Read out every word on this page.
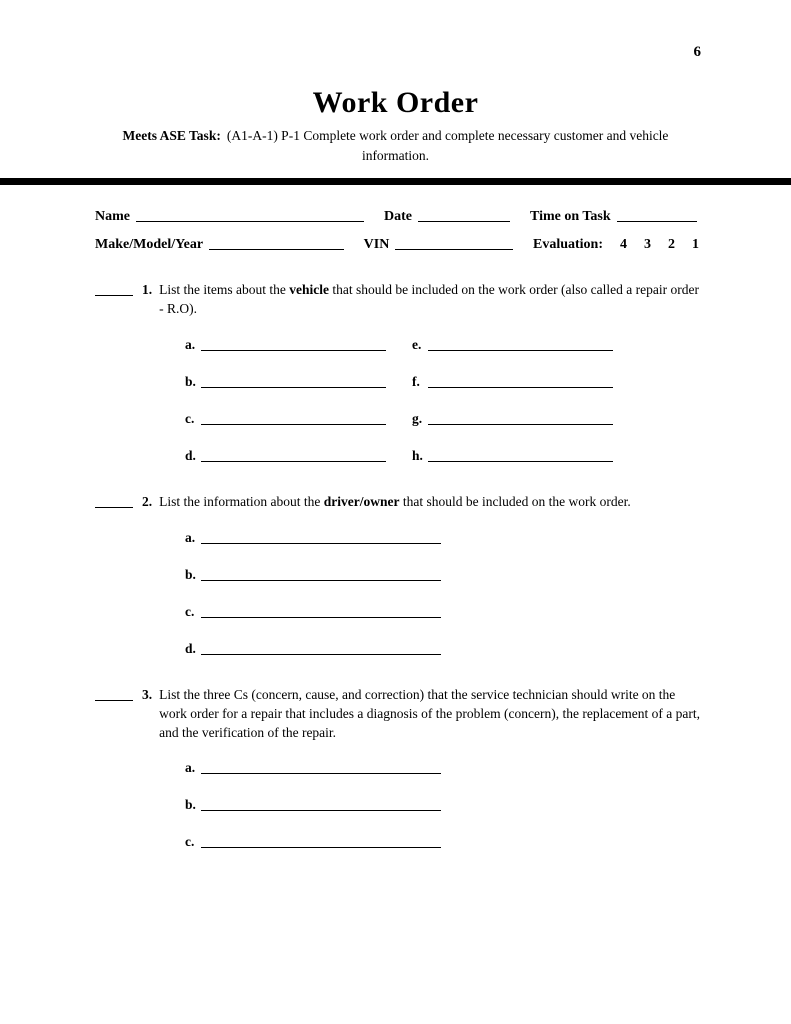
6
Work Order

Meets ASE Task: (A1-A-1) P-1 Complete work order and complete necessary customer and vehicle information.

Name	Date	Time on Task
Make/Model/Year	VIN	Evaluation: 4 3 2 1
1. List the items about the vehicle that should be included on the work order (also called a repair order - R.O).
a.	e.
b.	f.
c.	g.
d.	h.
2. List the information about the driver/owner that should be included on the work order.
a.
b.
c.
d.
3. List the three Cs (concern, cause, and correction) that the service technician should write on the work order for a repair that includes a diagnosis of the problem (concern), the replacement of a part, and the verification of the repair.
a.
b.
c.
